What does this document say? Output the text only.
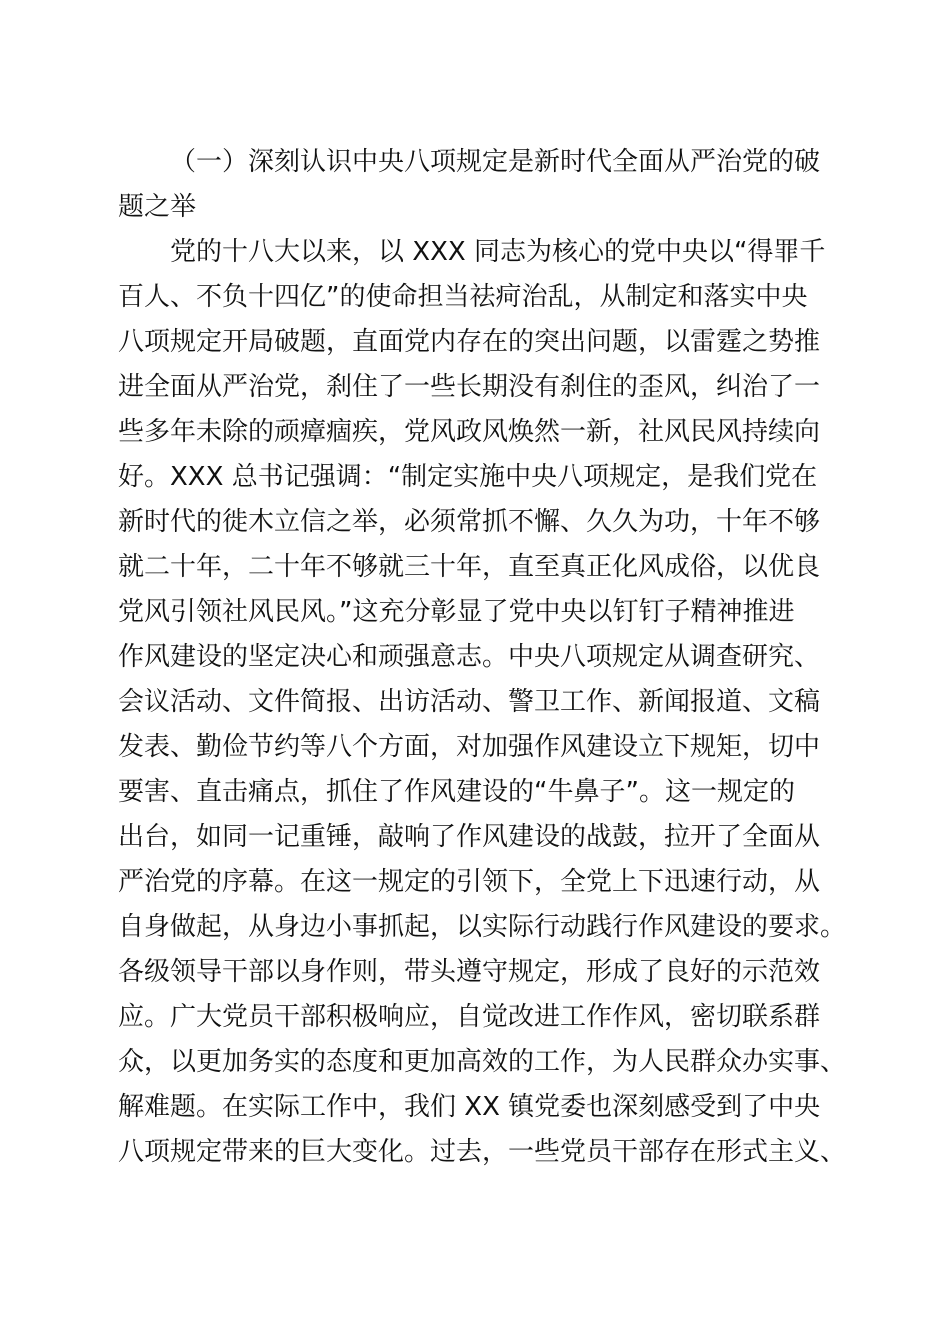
（一）深刻认识中央八项规定是新时代全面从严治党的破
题之举
党的十八大以来，以 XXX 同志为核心的党中央以“得罪千
百人、不负十四亿”的使命担当祛疴治乱，从制定和落实中央
八项规定开局破题，直面党内存在的突出问题，以雷霆之势推
进全面从严治党，刹住了一些长期没有刹住的歪风，纠治了一
些多年未除的顽瘴痼疾，党风政风焕然一新，社风民风持续向
好。XXX 总书记强调：“制定实施中央八项规定，是我们党在
新时代的徙木立信之举，必须常抓不懈、久久为功，十年不够
就二十年，二十年不够就三十年，直至真正化风成俗，以优良
党风引领社风民风。”这充分彰显了党中央以钉钉子精神推进
作风建设的坚定决心和顽强意志。中央八项规定从调查研究、
会议活动、文件简报、出访活动、警卫工作、新闻报道、文稿
发表、勤俭节约等八个方面，对加强作风建设立下规矩，切中
要害、直击痛点，抓住了作风建设的“牛鼻子”。这一规定的
出台，如同一记重锤，敲响了作风建设的战鼓，拉开了全面从
严治党的序幕。在这一规定的引领下，全党上下迅速行动，从
自身做起，从身边小事抓起，以实际行动践行作风建设的要求。
各级领导干部以身作则，带头遵守规定，形成了良好的示范效
应。广大党员干部积极响应，自觉改进工作作风，密切联系群
众，以更加务实的态度和更加高效的工作，为人民群众办实事、
解难题。在实际工作中，我们 XX 镇党委也深刻感受到了中央
八项规定带来的巨大变化。过去，一些党员干部存在形式主义、
